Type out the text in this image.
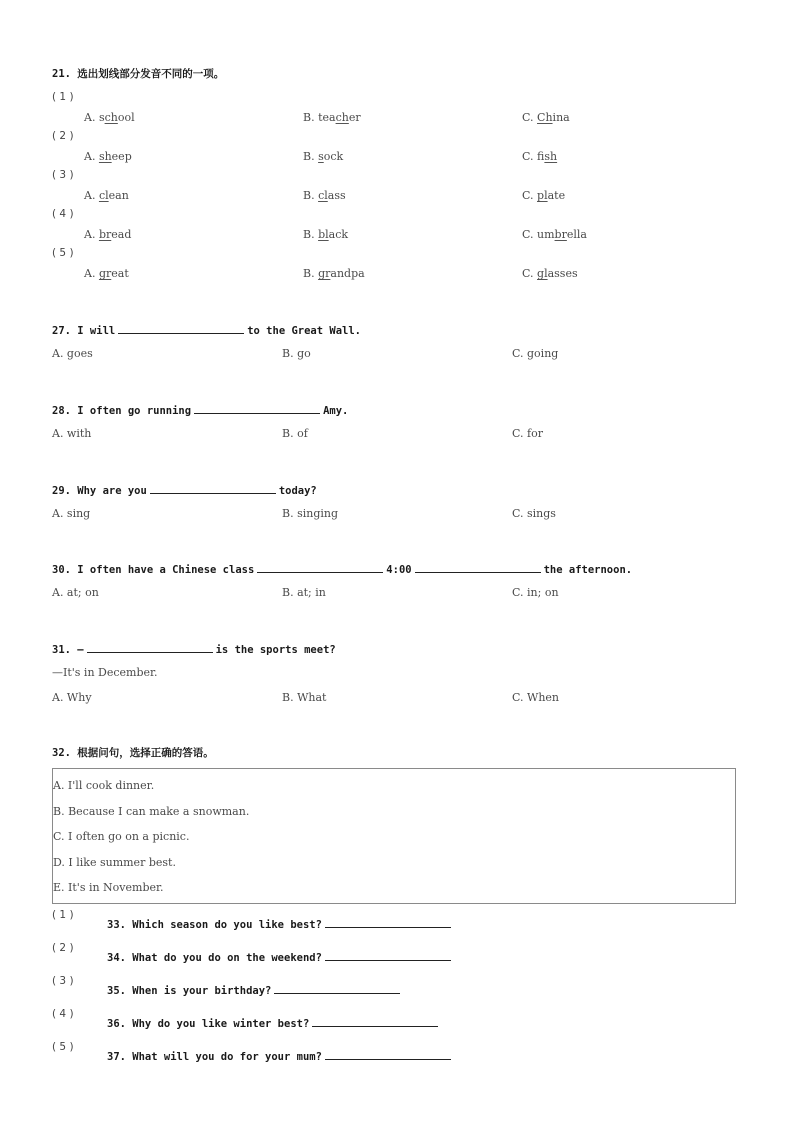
21. 选出划线部分发音不同的一项。
( 1 )
A. school	B. teacher	C. China
( 2 )
A. sheep	B. sock	C. fish
( 3 )
A. clean	B. class	C. plate
( 4 )
A. bread	B. black	C. umbrella
( 5 )
A. great	B. grandpa	C. glasses
27. I will	to the Great Wall.
A. goes	B. go	C. going
28. I often go running	Amy.
A. with	B. of	C. for
29. Why are you	today?
A. sing	B. singing	C. sings
30. I often have a Chinese class	4:00	the afternoon.
A. at; on	B. at; in	C. in; on
31. —	is the sports meet?
—It's in December.
A. Why	B. What	C. When
32. 根据问句，选择正确的答语。
A. I'll cook dinner.
B. Because I can make a snowman.
C. I often go on a picnic.
D. I like summer best.
E. It's in November.
( 1 )
33. Which season do you like best?
( 2 )
34. What do you do on the weekend?
( 3 )
35. When is your birthday?
( 4 )
36. Why do you like winter best?
( 5 )
37. What will you do for your mum?
